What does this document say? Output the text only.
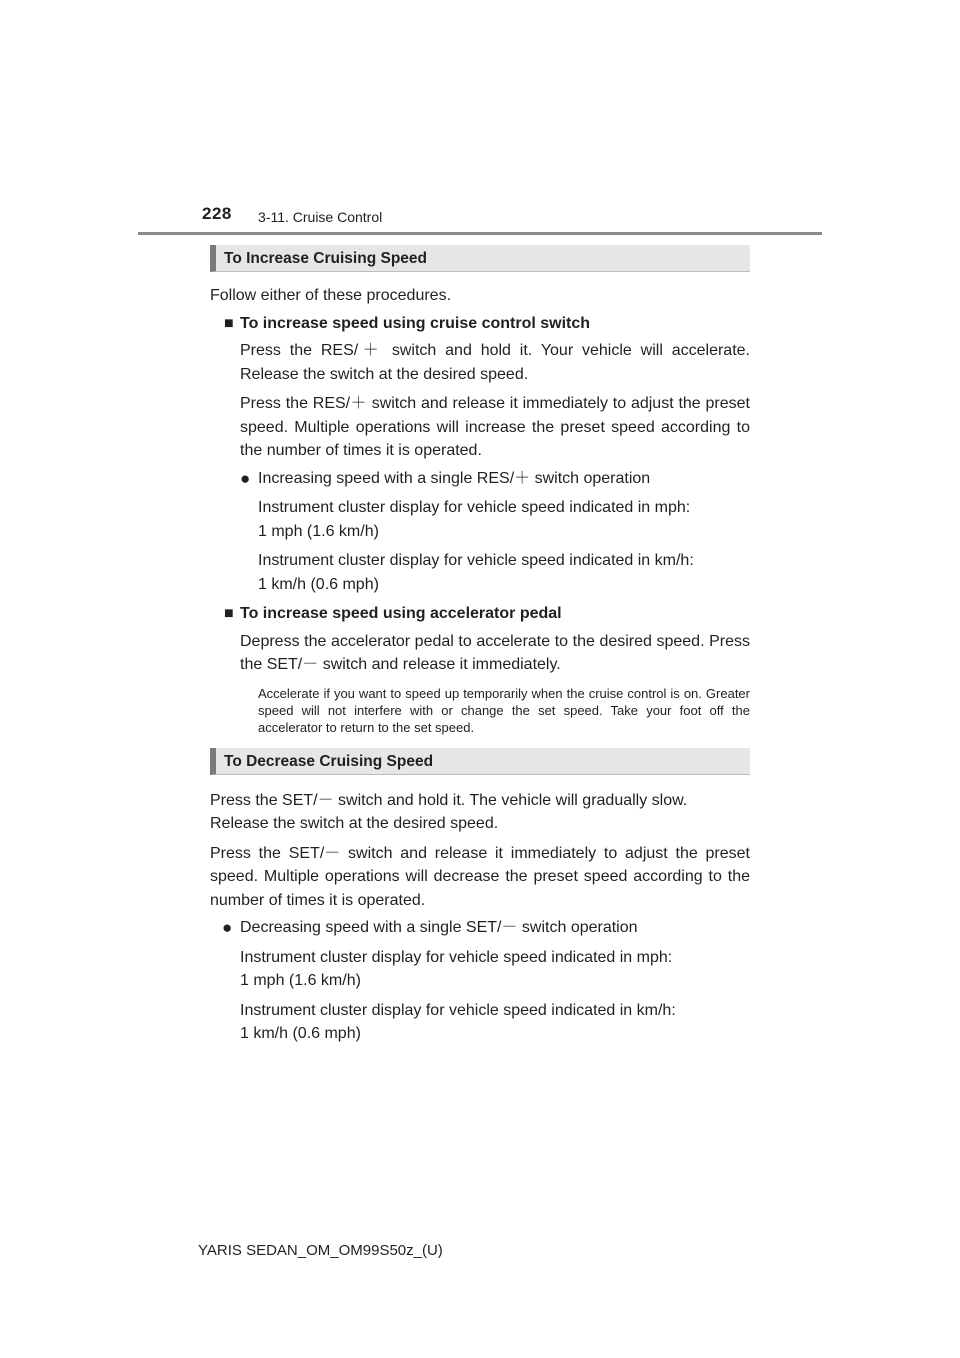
228 3-11. Cruise Control
To Increase Cruising Speed

Follow either of these procedures.

■ To increase speed using cruise control switch

Press the RES/＋ switch and hold it. Your vehicle will accelerate. Release the switch at the desired speed.

Press the RES/＋ switch and release it immediately to adjust the preset speed. Multiple operations will increase the preset speed according to the number of times it is operated.

● Increasing speed with a single RES/＋ switch operation

Instrument cluster display for vehicle speed indicated in mph:

1 mph (1.6 km/h)

Instrument cluster display for vehicle speed indicated in km/h:

1 km/h (0.6 mph)

■ To increase speed using accelerator pedal

Depress the accelerator pedal to accelerate to the desired speed. Press the SET/－ switch and release it immediately.

Accelerate if you want to speed up temporarily when the cruise control is on. Greater speed will not interfere with or change the set speed. Take your foot off the accelerator to return to the set speed.

To Decrease Cruising Speed

Press the SET/－ switch and hold it. The vehicle will gradually slow. Release the switch at the desired speed.

Press the SET/－ switch and release it immediately to adjust the preset speed. Multiple operations will decrease the preset speed according to the number of times it is operated.

● Decreasing speed with a single SET/－ switch operation

Instrument cluster display for vehicle speed indicated in mph:

1 mph (1.6 km/h)

Instrument cluster display for vehicle speed indicated in km/h:

1 km/h (0.6 mph)

YARIS SEDAN_OM_OM99S50z_(U)
